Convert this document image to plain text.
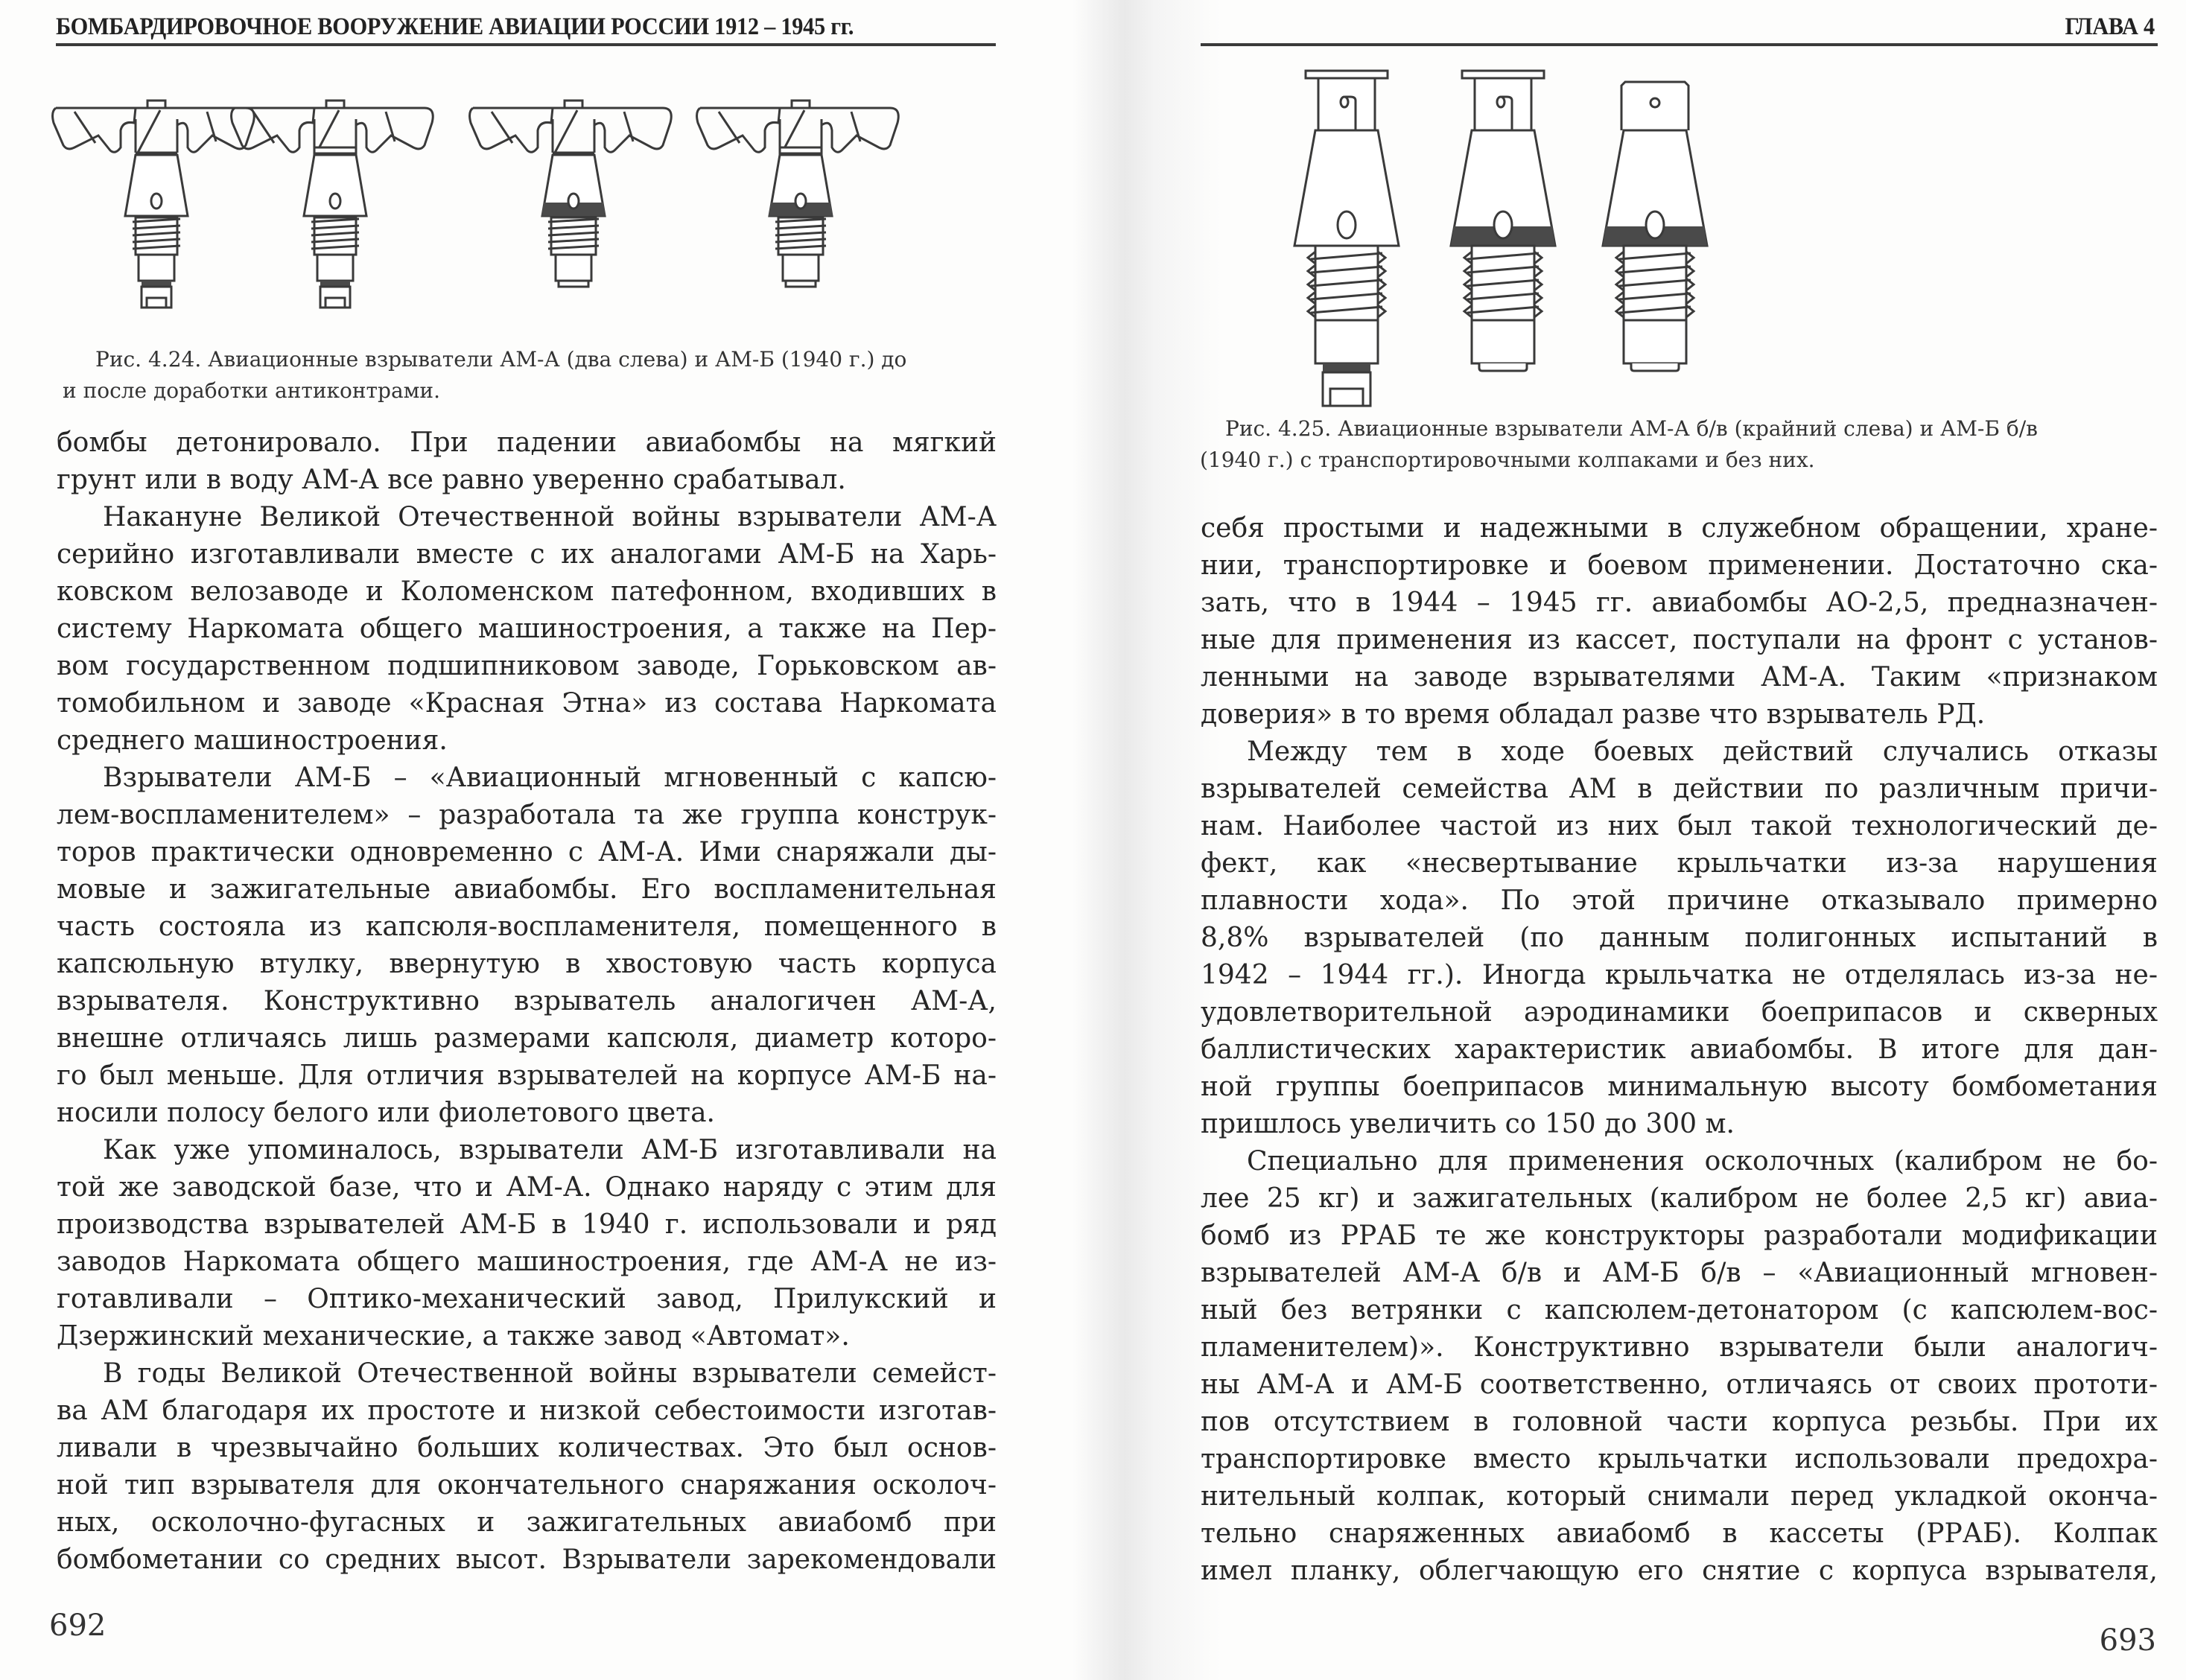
БОМБАРДИРОВОЧНОЕ ВООРУЖЕНИЕ АВИАЦИИ РОССИИ 1912 – 1945 гг.
Рис. 4.24. Авиационные взрыватели АМ-А (два слева) и АМ-Б (1940 г.) до
и после доработки антиконтрами.
бомбы детонировало. При падении авиабомбы на мягкий
грунт или в воду АМ-А все равно уверенно срабатывал.
Накануне Великой Отечественной войны взрыватели АМ-А
серийно изготавливали вместе с их аналогами АМ-Б на Харь-
ковском велозаводе и Коломенском патефонном, входивших в
систему Наркомата общего машиностроения, а также на Пер-
вом государственном подшипниковом заводе, Горьковском ав-
томобильном и заводе «Красная Этна» из состава Наркомата
среднего машиностроения.
Взрыватели АМ-Б – «Авиационный мгновенный с капсю-
лем-воспламенителем» – разработала та же группа конструк-
торов практически одновременно с АМ-А. Ими снаряжали ды-
мовые и зажигательные авиабомбы. Его воспламенительная
часть состояла из капсюля-воспламенителя, помещенного в
капсюльную втулку, ввернутую в хвостовую часть корпуса
взрывателя. Конструктивно взрыватель аналогичен АМ-А,
внешне отличаясь лишь размерами капсюля, диаметр которо-
го был меньше. Для отличия взрывателей на корпусе АМ-Б на-
носили полосу белого или фиолетового цвета.
Как уже упоминалось, взрыватели АМ-Б изготавливали на
той же заводской базе, что и АМ-А. Однако наряду с этим для
производства взрывателей АМ-Б в 1940 г. использовали и ряд
заводов Наркомата общего машиностроения, где АМ-А не из-
готавливали – Оптико-механический завод, Прилукский и
Дзержинский механические, а также завод «Автомат».
В годы Великой Отечественной войны взрыватели семейст-
ва АМ благодаря их простоте и низкой себестоимости изготав-
ливали в чрезвычайно больших количествах. Это был основ-
ной тип взрывателя для окончательного снаряжания осколоч-
ных, осколочно-фугасных и зажигательных авиабомб при
бомбометании со средних высот. Взрыватели зарекомендовали
692
ГЛАВА 4
Рис. 4.25. Авиационные взрыватели АМ-А б/в (крайний слева) и АМ-Б б/в
(1940 г.) с транспортировочными колпаками и без них.
себя простыми и надежными в служебном обращении, хране-
нии, транспортировке и боевом применении. Достаточно ска-
зать, что в 1944 – 1945 гг. авиабомбы АО-2,5, предназначен-
ные для применения из кассет, поступали на фронт с установ-
ленными на заводе взрывателями АМ-А. Таким «признаком
доверия» в то время обладал разве что взрыватель РД.
Между тем в ходе боевых действий случались отказы
взрывателей семейства АМ в действии по различным причи-
нам. Наиболее частой из них был такой технологический де-
фект, как «несвертывание крыльчатки из-за нарушения
плавности хода». По этой причине отказывало примерно
8,8% взрывателей (по данным полигонных испытаний в
1942 – 1944 гг.). Иногда крыльчатка не отделялась из-за не-
удовлетворительной аэродинамики боеприпасов и скверных
баллистических характеристик авиабомбы. В итоге для дан-
ной группы боеприпасов минимальную высоту бомбометания
пришлось увеличить со 150 до 300 м.
Специально для применения осколочных (калибром не бо-
лее 25 кг) и зажигательных (калибром не более 2,5 кг) авиа-
бомб из РРАБ те же конструкторы разработали модификации
взрывателей АМ-А б/в и АМ-Б б/в – «Авиационный мгновен-
ный без ветрянки с капсюлем-детонатором (с капсюлем-вос-
пламенителем)». Конструктивно взрыватели были аналогич-
ны АМ-А и АМ-Б соответственно, отличаясь от своих прототи-
пов отсутствием в головной части корпуса резьбы. При их
транспортировке вместо крыльчатки использовали предохра-
нительный колпак, который снимали перед укладкой оконча-
тельно снаряженных авиабомб в кассеты (РРАБ). Колпак
имел планку, облегчающую его снятие с корпуса взрывателя,
693
